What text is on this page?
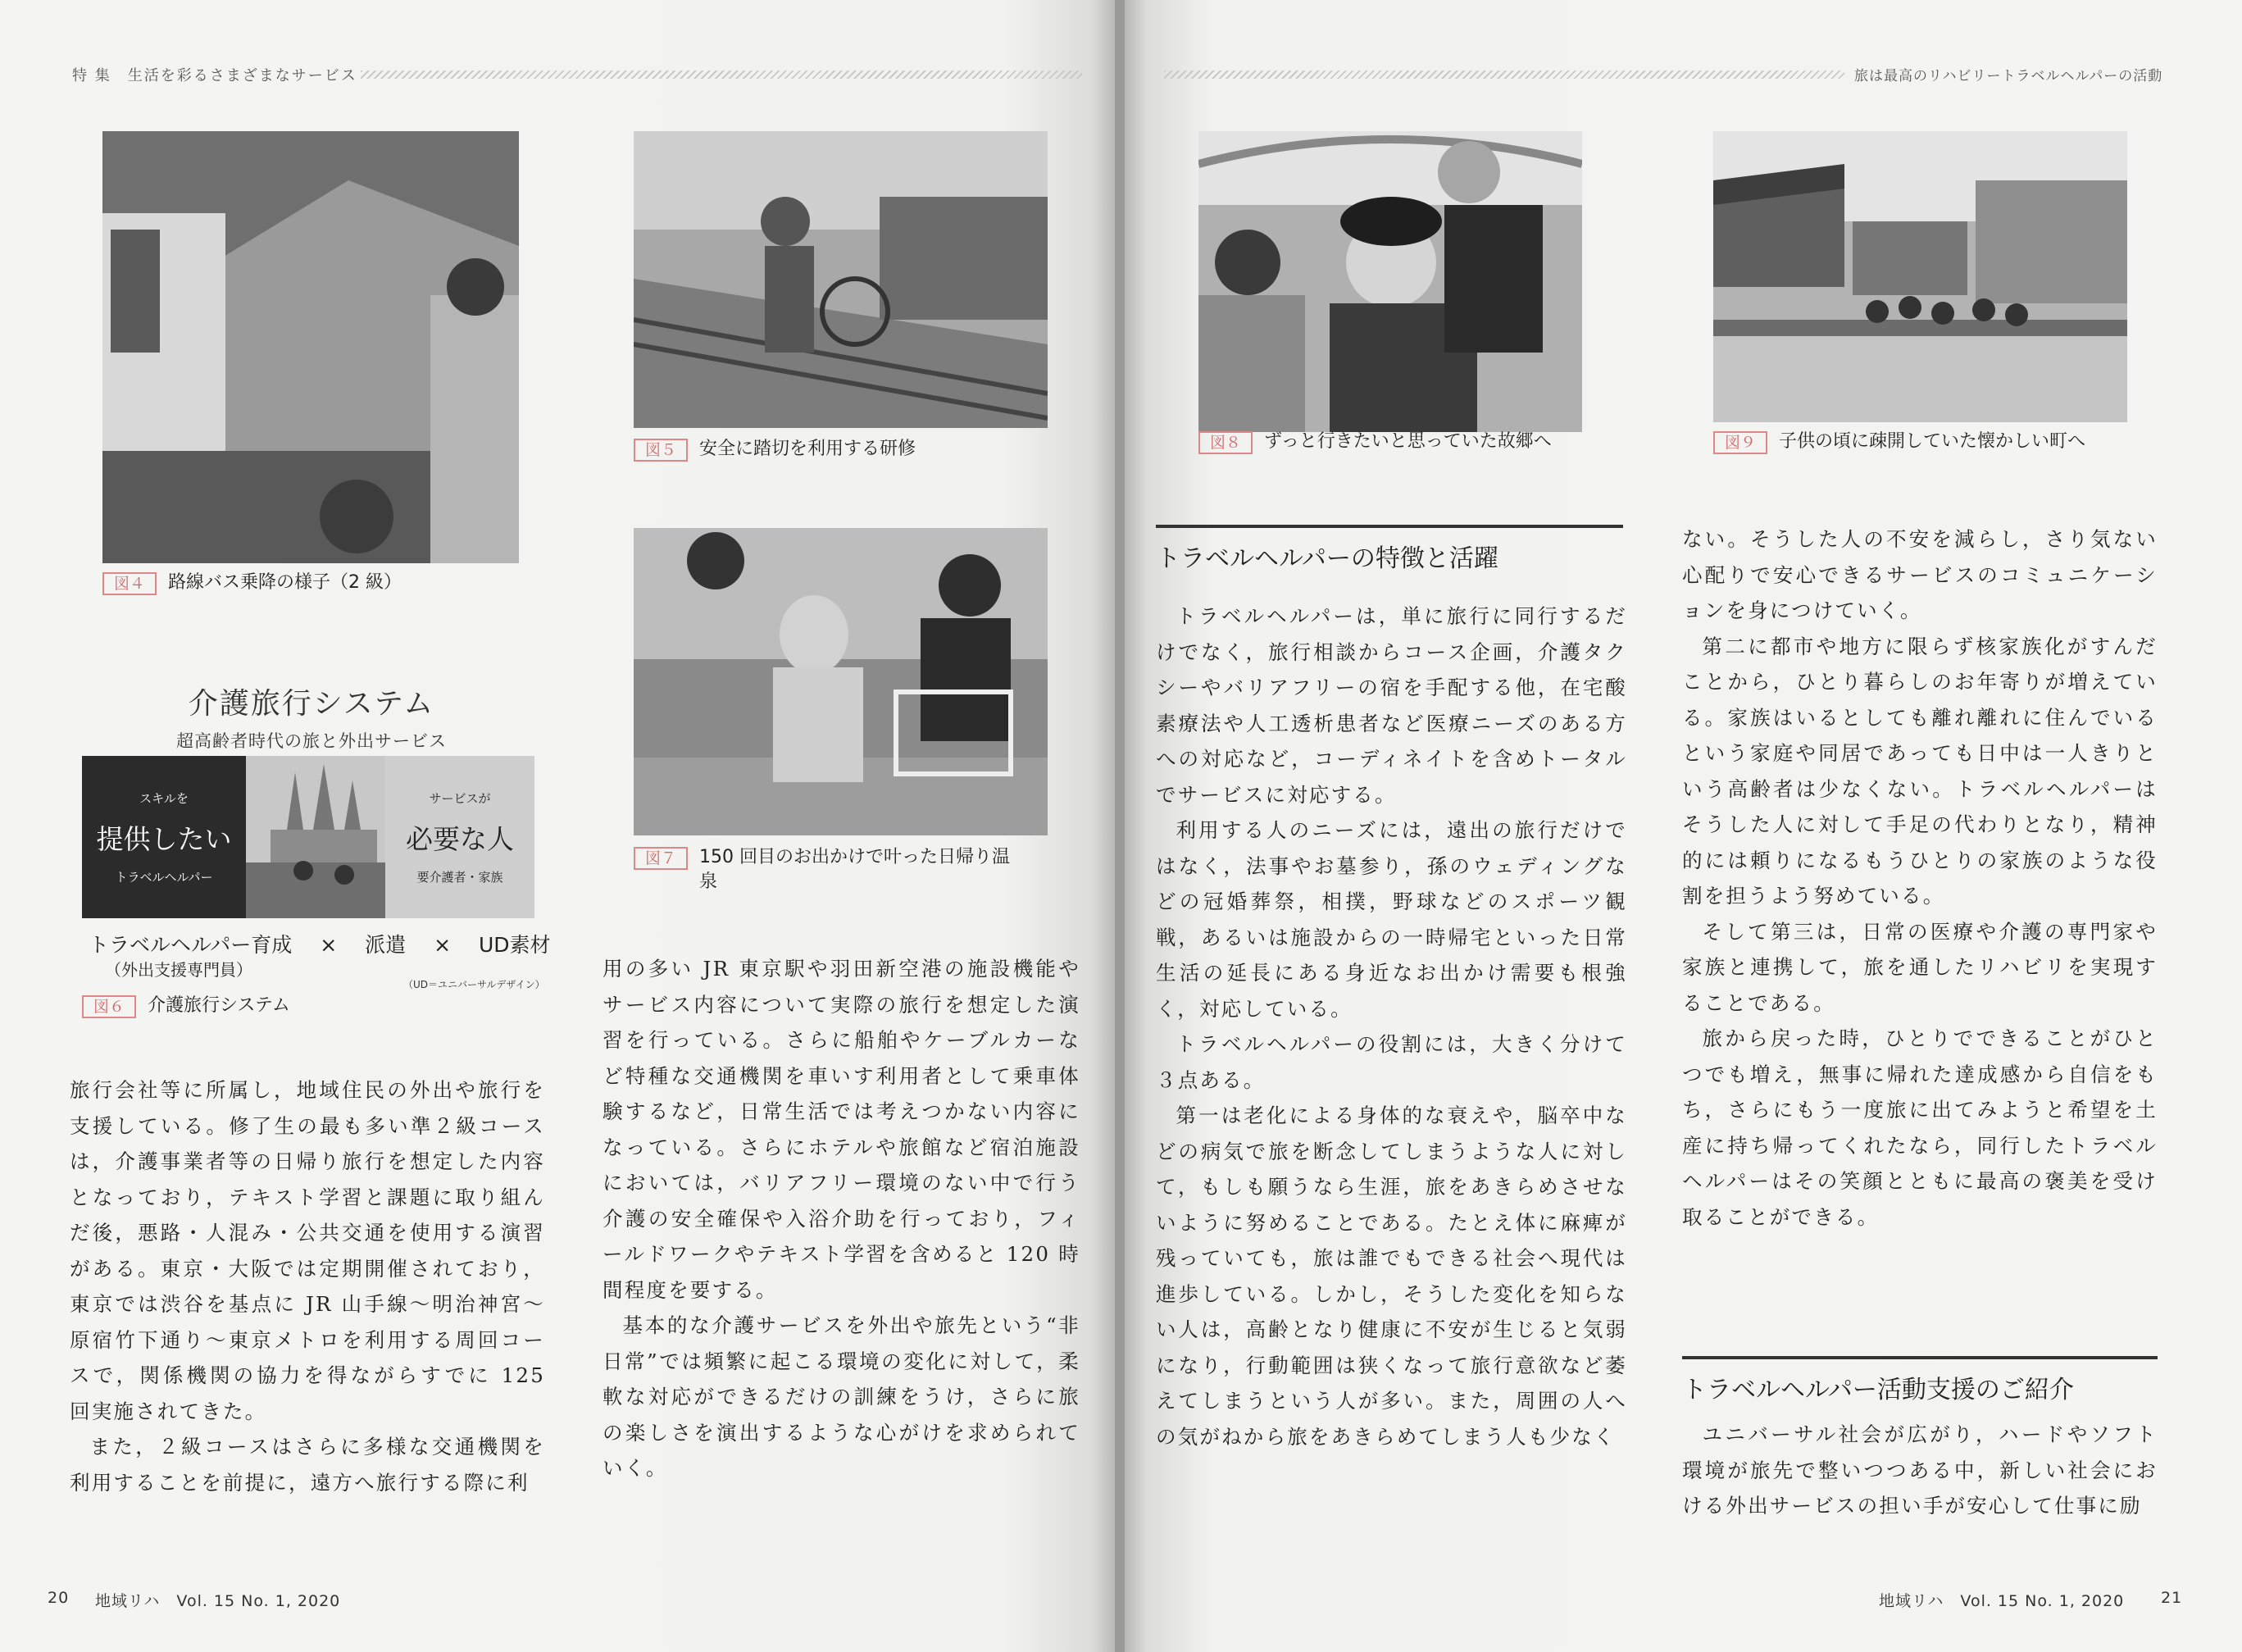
特 集　生活を彩るさまざまなサービス	旅は最高のリハビリートラベルヘルパーの活動
図４	路線バス乗降の様子（2 級）
図５	安全に踏切を利用する研修
図７	150 回目のお出かけで叶った日帰り温泉
介護旅行システム
超高齢者時代の旅と外出サービス
スキルを
提供したい
トラベルヘルパー
サービスが
必要な人
要介護者・家族
トラベルヘルパー育成 × 派遣 × UD素材
（外出支援専門員）
（UD＝ユニバーサルデザイン）
図６	介護旅行システム

旅行会社等に所属し，地域住民の外出や旅行を支援している。修了生の最も多い準２級コースは，介護事業者等の日帰り旅行を想定した内容となっており，テキスト学習と課題に取り組んだ後，悪路・人混み・公共交通を使用する演習がある。東京・大阪では定期開催されており，東京では渋谷を基点に JR 山手線〜明治神宮〜原宿竹下通り〜東京メトロを利用する周回コースで，関係機関の協力を得ながらすでに 125 回実施されてきた。

また，２級コースはさらに多様な交通機関を利用することを前提に，遠方へ旅行する際に利

用の多い JR 東京駅や羽田新空港の施設機能やサービス内容について実際の旅行を想定した演習を行っている。さらに船舶やケーブルカーなど特種な交通機関を車いす利用者として乗車体験するなど，日常生活では考えつかない内容になっている。さらにホテルや旅館など宿泊施設においては，バリアフリー環境のない中で行う介護の安全確保や入浴介助を行っており，フィールドワークやテキスト学習を含めると 120 時間程度を要する。

基本的な介護サービスを外出や旅先という“非日常”では頻繁に起こる環境の変化に対して，柔軟な対応ができるだけの訓練をうけ，さらに旅の楽しさを演出するような心がけを求められていく。

20 地域リハ　Vol. 15 No. 1, 2020
図８	ずっと行きたいと思っていた故郷へ	図９	子供の頃に疎開していた懐かしい町へ
トラベルヘルパーの特徴と活躍

トラベルヘルパーは，単に旅行に同行するだけでなく，旅行相談からコース企画，介護タクシーやバリアフリーの宿を手配する他，在宅酸素療法や人工透析患者など医療ニーズのある方への対応など，コーディネイトを含めトータルでサービスに対応する。

利用する人のニーズには，遠出の旅行だけではなく，法事やお墓参り，孫のウェディングなどの冠婚葬祭，相撲，野球などのスポーツ観戦，あるいは施設からの一時帰宅といった日常生活の延長にある身近なお出かけ需要も根強く，対応している。

トラベルヘルパーの役割には，大きく分けて３点ある。

第一は老化による身体的な衰えや，脳卒中などの病気で旅を断念してしまうような人に対して，もしも願うなら生涯，旅をあきらめさせないように努めることである。たとえ体に麻痺が残っていても，旅は誰でもできる社会へ現代は進歩している。しかし，そうした変化を知らない人は，高齢となり健康に不安が生じると気弱になり，行動範囲は狭くなって旅行意欲など萎えてしまうという人が多い。また，周囲の人への気がねから旅をあきらめてしまう人も少なく

ない。そうした人の不安を減らし，さり気ない心配りで安心できるサービスのコミュニケーションを身につけていく。

第二に都市や地方に限らず核家族化がすんだことから，ひとり暮らしのお年寄りが増えている。家族はいるとしても離れ離れに住んでいるという家庭や同居であっても日中は一人きりという高齢者は少なくない。トラベルヘルパーはそうした人に対して手足の代わりとなり，精神的には頼りになるもうひとりの家族のような役割を担うよう努めている。

そして第三は，日常の医療や介護の専門家や家族と連携して，旅を通したリハビリを実現することである。

旅から戻った時，ひとりでできることがひとつでも増え，無事に帰れた達成感から自信をもち，さらにもう一度旅に出てみようと希望を土産に持ち帰ってくれたなら，同行したトラベルヘルパーはその笑顔とともに最高の褒美を受け取ることができる。

トラベルヘルパー活動支援のご紹介

ユニバーサル社会が広がり，ハードやソフト環境が旅先で整いつつある中，新しい社会における外出サービスの担い手が安心して仕事に励

地域リハ　Vol. 15 No. 1, 2020 21
